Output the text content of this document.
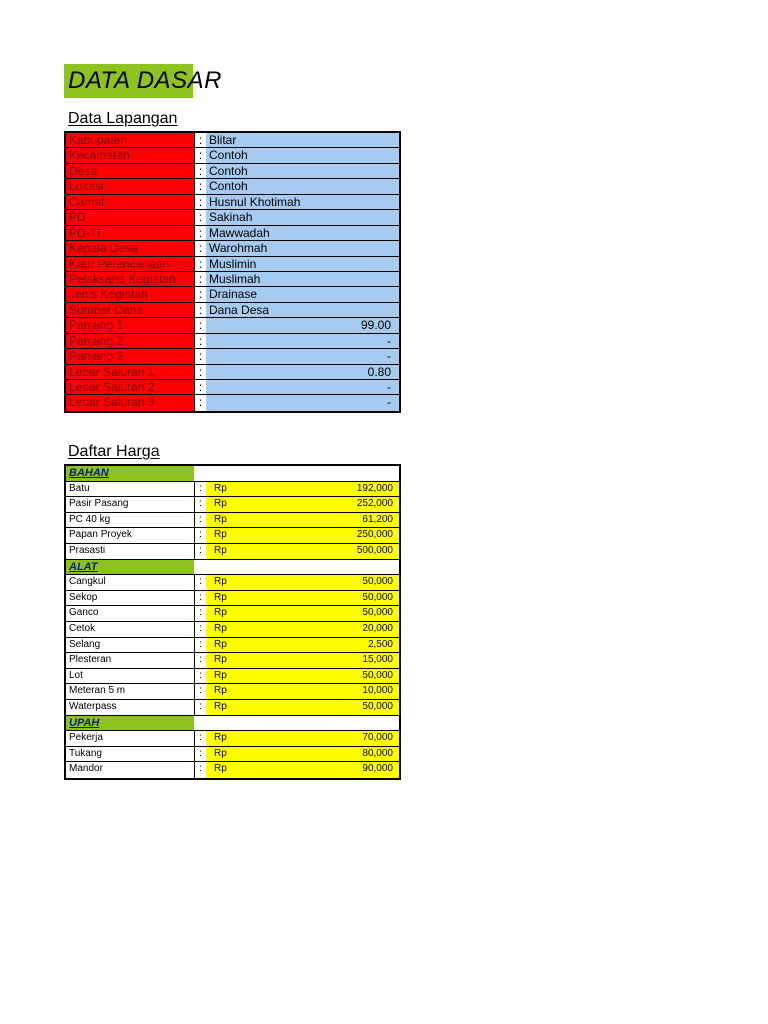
DATA DASAR
Data Lapangan
Kabupaten	: Blitar
Kecamatan	: Contoh
Desa	: Contoh
Lokasi	: Contoh
Camat	: Husnul Khotimah
PD	: Sakinah
PD-TI	: Mawwadah
Kepala Desa	: Warohmah
Kaur Perencanaan	: Muslimin
Pelaksana Kegiatan	: Muslimah
Jenis Kegiatan	: Drainase
Sumber Dana	: Dana Desa
Panjang 1	:	99.00
Panjang 2	:	-
Panjang 3	:	-
Lebar Saluran 1	:	0.80
Lebar Saluran 2	:	-
Lebar Saluran 3	:	-
Daftar Harga
BAHAN
Batu	:	Rp	192,000
Pasir Pasang	:	Rp	252,000
PC 40 kg	:	Rp	61,200
Papan Proyek	:	Rp	250,000
Prasasti	:	Rp	500,000
ALAT
Cangkul	:	Rp	50,000
Sekop	:	Rp	50,000
Ganco	:	Rp	50,000
Cetok	:	Rp	20,000
Selang	:	Rp	2,500
Plesteran	:	Rp	15,000
Lot	:	Rp	50,000
Meteran 5 m	:	Rp	10,000
Waterpass	:	Rp	50,000
UPAH
Pekerja	:	Rp	70,000
Tukang	:	Rp	80,000
Mandor	:	Rp	90,000
